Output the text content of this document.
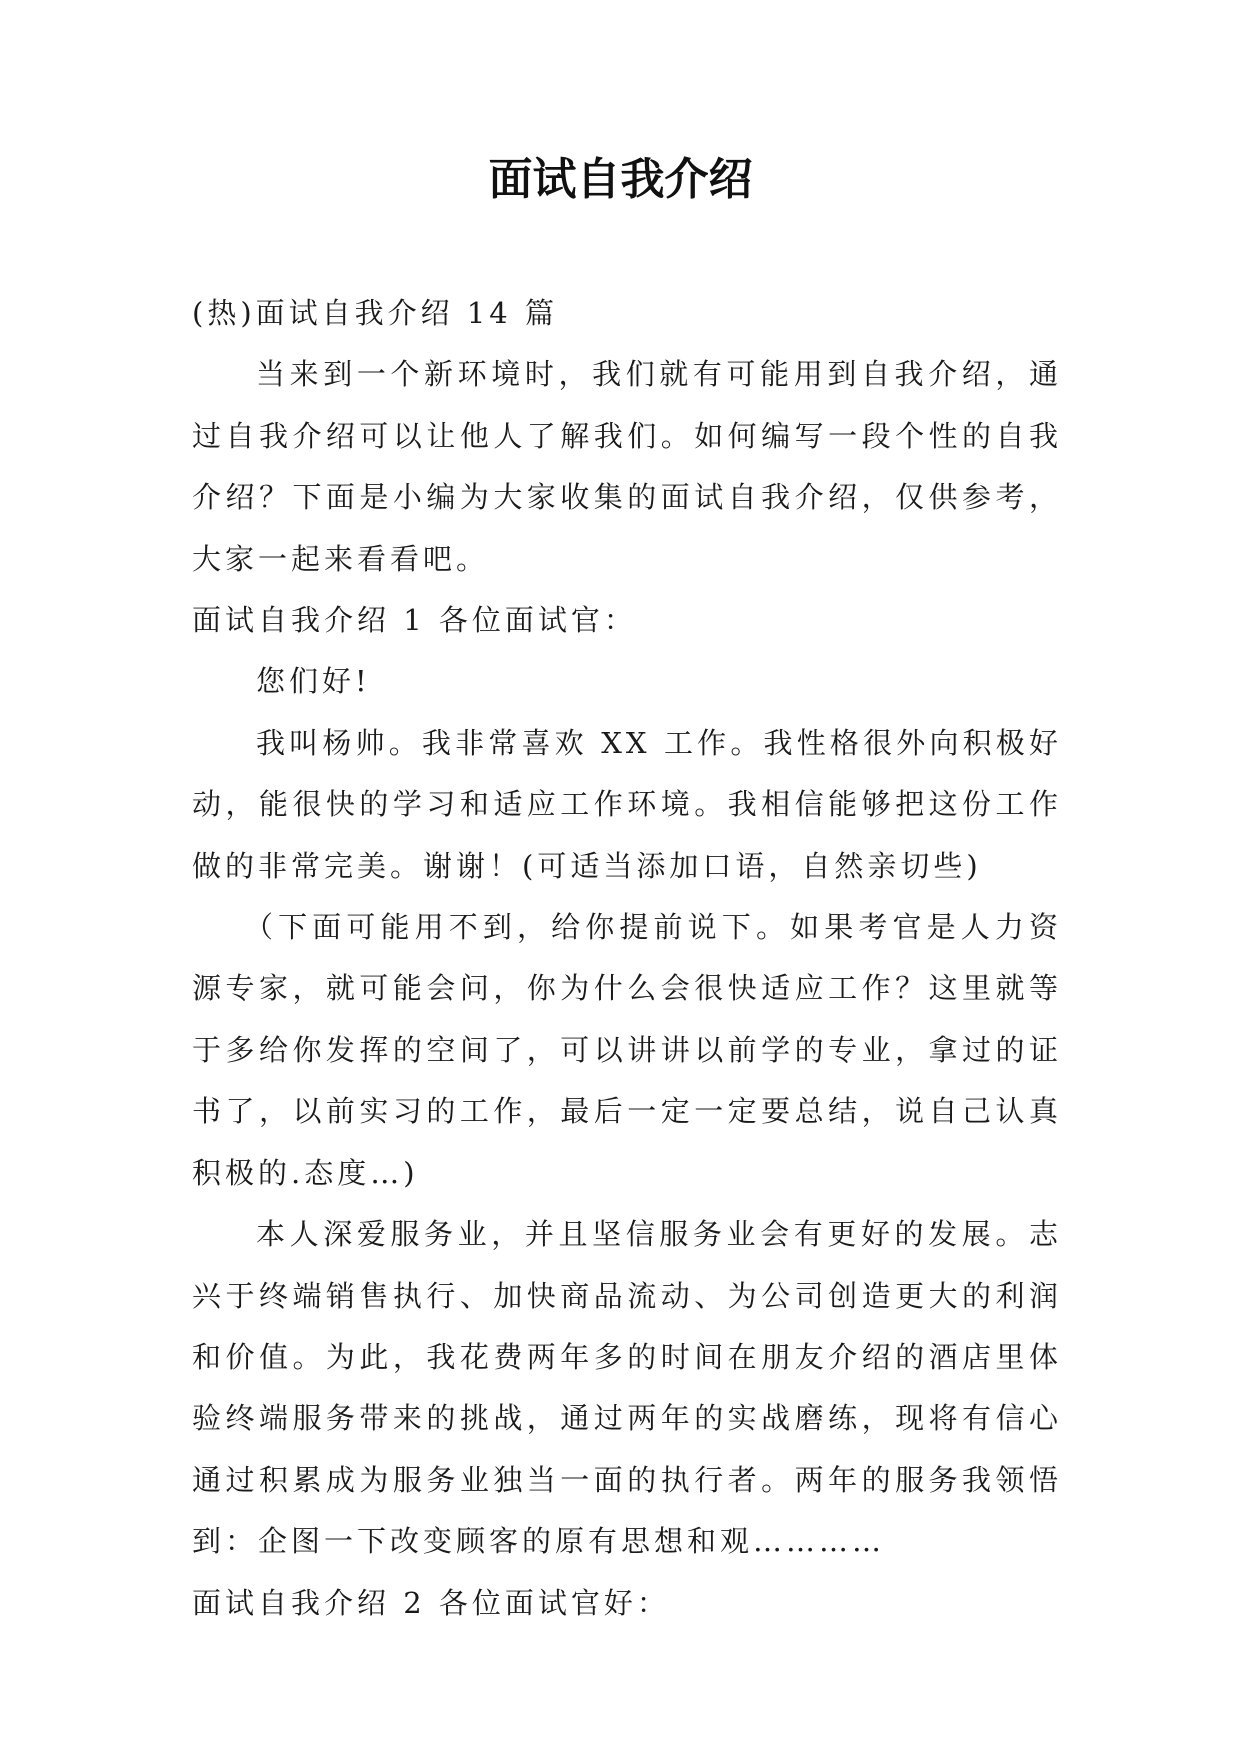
面试自我介绍

(热)面试自我介绍 14 篇

当来到一个新环境时，我们就有可能用到自我介绍，通过自我介绍可以让他人了解我们。如何编写一段个性的自我介绍？下面是小编为大家收集的面试自我介绍，仅供参考，大家一起来看看吧。

面试自我介绍 1 各位面试官：

您们好!

我叫杨帅。我非常喜欢 XX 工作。我性格很外向积极好动，能很快的学习和适应工作环境。我相信能够把这份工作做的非常完美。谢谢！(可适当添加口语，自然亲切些)

（下面可能用不到，给你提前说下。如果考官是人力资源专家，就可能会问，你为什么会很快适应工作？这里就等于多给你发挥的空间了，可以讲讲以前学的专业，拿过的证书了，以前实习的工作，最后一定一定要总结，说自己认真积极的.态度…)

本人深爱服务业，并且坚信服务业会有更好的发展。志兴于终端销售执行、加快商品流动、为公司创造更大的利润和价值。为此，我花费两年多的时间在朋友介绍的酒店里体验终端服务带来的挑战，通过两年的实战磨练，现将有信心通过积累成为服务业独当一面的执行者。两年的服务我领悟到：企图一下改变顾客的原有思想和观…………

面试自我介绍 2 各位面试官好：
